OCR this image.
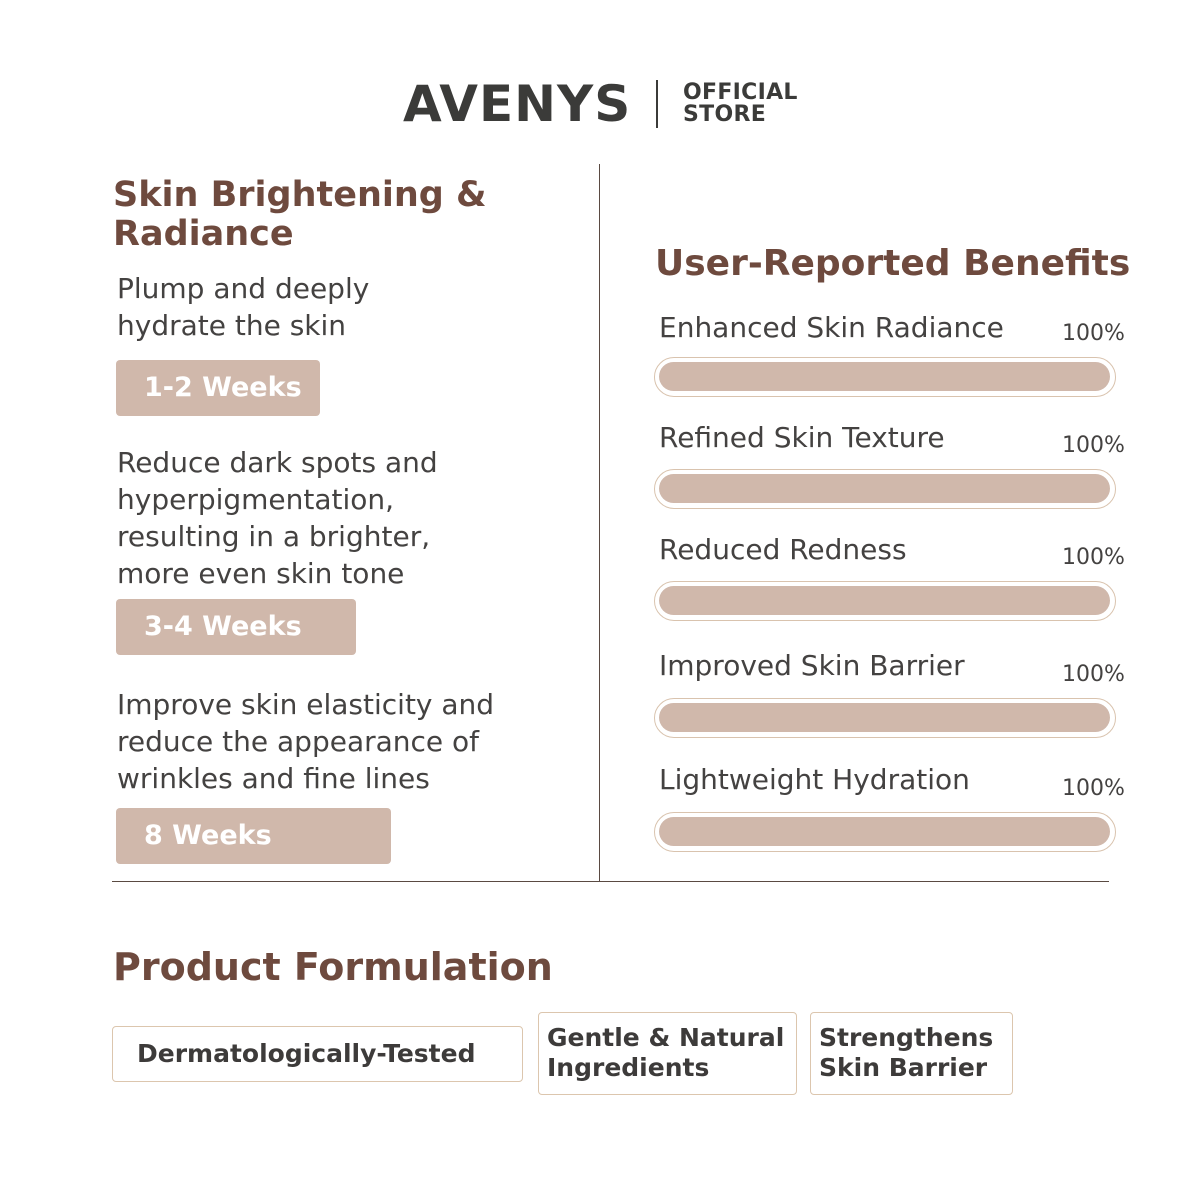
AVENYS OFFICIAL
STORE
Skin Brightening & Radiance
Plump and deeply hydrate the skin
1-2 Weeks
Reduce dark spots and hyperpigmentation, resulting in a brighter, more even skin tone
3-4 Weeks
Improve skin elasticity and reduce the appearance of wrinkles and fine lines
8 Weeks
User-Reported Benefits
Enhanced Skin Radiance	100%
Refined Skin Texture	100%
Reduced Redness	100%
Improved Skin Barrier	100%
Lightweight Hydration	100%
Product Formulation
Dermatologically-Tested
Gentle & Natural
Ingredients
Strengthens
Skin Barrier
